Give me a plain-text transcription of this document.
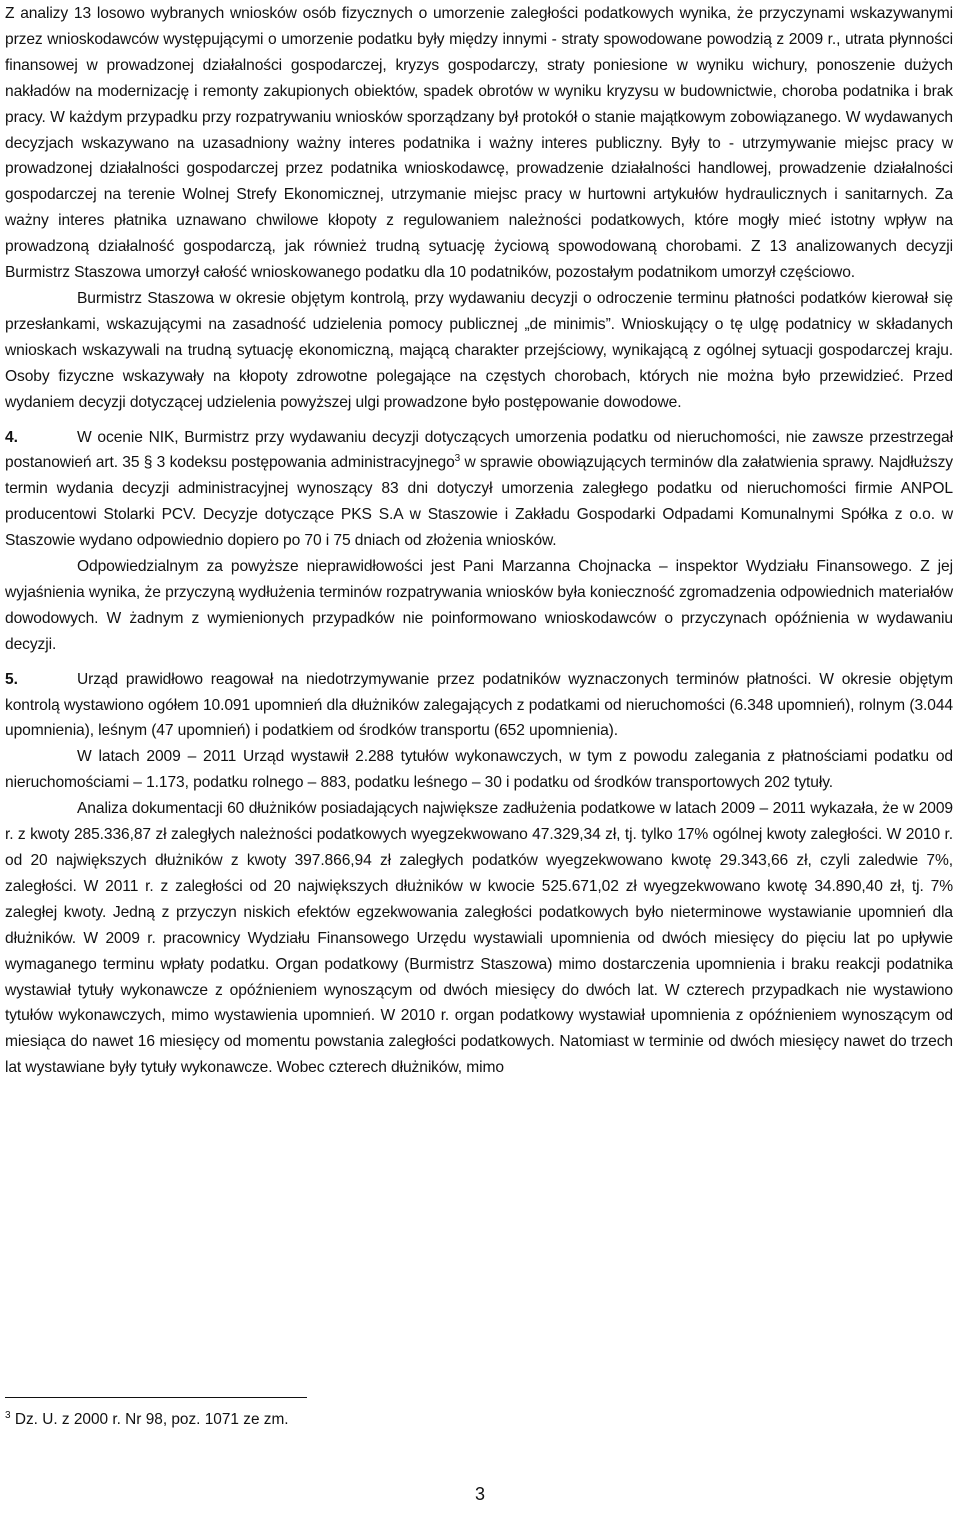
Z analizy 13 losowo wybranych wniosków osób fizycznych o umorzenie zaległości podatkowych wynika, że przyczynami wskazywanymi przez wnioskodawców występującymi o umorzenie podatku były między innymi - straty spowodowane powodzią z 2009 r., utrata płynności finansowej w prowadzonej działalności gospodarczej, kryzys gospodarczy, straty poniesione w wyniku wichury, ponoszenie dużych nakładów na modernizację i remonty zakupionych obiektów, spadek obrotów w wyniku kryzysu w budownictwie, choroba podatnika i brak pracy. W każdym przypadku przy rozpatrywaniu wniosków sporządzany był protokół o stanie majątkowym zobowiązanego. W wydawanych decyzjach wskazywano na uzasadniony ważny interes podatnika i ważny interes publiczny. Były to - utrzymywanie miejsc pracy w prowadzonej działalności gospodarczej przez podatnika wnioskodawcę, prowadzenie działalności handlowej, prowadzenie działalności gospodarczej na terenie Wolnej Strefy Ekonomicznej, utrzymanie miejsc pracy w hurtowni artykułów hydraulicznych i sanitarnych. Za ważny interes płatnika uznawano chwilowe kłopoty z regulowaniem należności podatkowych, które mogły mieć istotny wpływ na prowadzoną działalność gospodarczą, jak również trudną sytuację życiową spowodowaną chorobami. Z 13 analizowanych decyzji Burmistrz Staszowa umorzył całość wnioskowanego podatku dla 10 podatników, pozostałym podatnikom umorzył częściowo.

Burmistrz Staszowa w okresie objętym kontrolą, przy wydawaniu decyzji o odroczenie terminu płatności podatków kierował się przesłankami, wskazującymi na zasadność udzielenia pomocy publicznej „de minimis”. Wnioskujący o tę ulgę podatnicy w składanych wnioskach wskazywali na trudną sytuację ekonomiczną, mającą charakter przejściowy, wynikającą z ogólnej sytuacji gospodarczej kraju. Osoby fizyczne wskazywały na kłopoty zdrowotne polegające na częstych chorobach, których nie można było przewidzieć. Przed wydaniem decyzji dotyczącej udzielenia powyższej ulgi prowadzone było postępowanie dowodowe.

4.	W ocenie NIK, Burmistrz przy wydawaniu decyzji dotyczących umorzenia podatku od nieruchomości, nie zawsze przestrzegał postanowień art. 35 § 3 kodeksu postępowania administracyjnego$^3$ w sprawie obowiązujących terminów dla załatwienia sprawy. Najdłuższy termin wydania decyzji administracyjnej wynoszący 83 dni dotyczył umorzenia zaległego podatku od nieruchomości firmie ANPOL producentowi Stolarki PCV. Decyzje dotyczące PKS S.A w Staszowie i Zakładu Gospodarki Odpadami Komunalnymi Spółka z o.o. w Staszowie wydano odpowiednio dopiero po 70 i 75 dniach od złożenia wniosków.

Odpowiedzialnym za powyższe nieprawidłowości jest Pani Marzanna Chojnacka – inspektor Wydziału Finansowego. Z jej wyjaśnienia wynika, że przyczyną wydłużenia terminów rozpatrywania wniosków była konieczność zgromadzenia odpowiednich materiałów dowodowych. W żadnym z wymienionych przypadków nie poinformowano wnioskodawców o przyczynach opóźnienia w wydawaniu decyzji.

5.	Urząd prawidłowo reagował na niedotrzymywanie przez podatników wyznaczonych terminów płatności. W okresie objętym kontrolą wystawiono ogółem 10.091 upomnień dla dłużników zalegających z podatkami od nieruchomości (6.348 upomnień), rolnym (3.044 upomnienia), leśnym (47 upomnień) i podatkiem od środków transportu (652 upomnienia).

W latach 2009 – 2011 Urząd wystawił 2.288 tytułów wykonawczych, w tym z powodu zalegania z płatnościami podatku od nieruchomościami – 1.173, podatku rolnego – 883, podatku leśnego – 30 i podatku od środków transportowych 202 tytuły.

Analiza dokumentacji 60 dłużników posiadających największe zadłużenia podatkowe w latach 2009 – 2011 wykazała, że w 2009 r. z kwoty 285.336,87 zł zaległych należności podatkowych wyegzekwowano 47.329,34 zł, tj. tylko 17% ogólnej kwoty zaległości. W 2010 r. od 20 największych dłużników z kwoty 397.866,94 zł zaległych podatków wyegzekwowano kwotę 29.343,66 zł, czyli zaledwie 7%, zaległości. W 2011 r. z zaległości od 20 największych dłużników w kwocie 525.671,02 zł wyegzekwowano kwotę 34.890,40 zł, tj. 7% zaległej kwoty. Jedną z przyczyn niskich efektów egzekwowania zaległości podatkowych było nieterminowe wystawianie upomnień dla dłużników. W 2009 r. pracownicy Wydziału Finansowego Urzędu wystawiali upomnienia od dwóch miesięcy do pięciu lat po upływie wymaganego terminu wpłaty podatku. Organ podatkowy (Burmistrz Staszowa) mimo dostarczenia upomnienia i braku reakcji podatnika wystawiał tytuły wykonawcze z opóźnieniem wynoszącym od dwóch miesięcy do dwóch lat. W czterech przypadkach nie wystawiono tytułów wykonawczych, mimo wystawienia upomnień. W 2010 r. organ podatkowy wystawiał upomnienia z opóźnieniem wynoszącym od miesiąca do nawet 16 miesięcy od momentu powstania zaległości podatkowych. Natomiast w terminie od dwóch miesięcy nawet do trzech lat wystawiane były tytuły wykonawcze. Wobec czterech dłużników, mimo

$^3$ Dz. U. z 2000 r. Nr 98, poz. 1071 ze zm.
3
